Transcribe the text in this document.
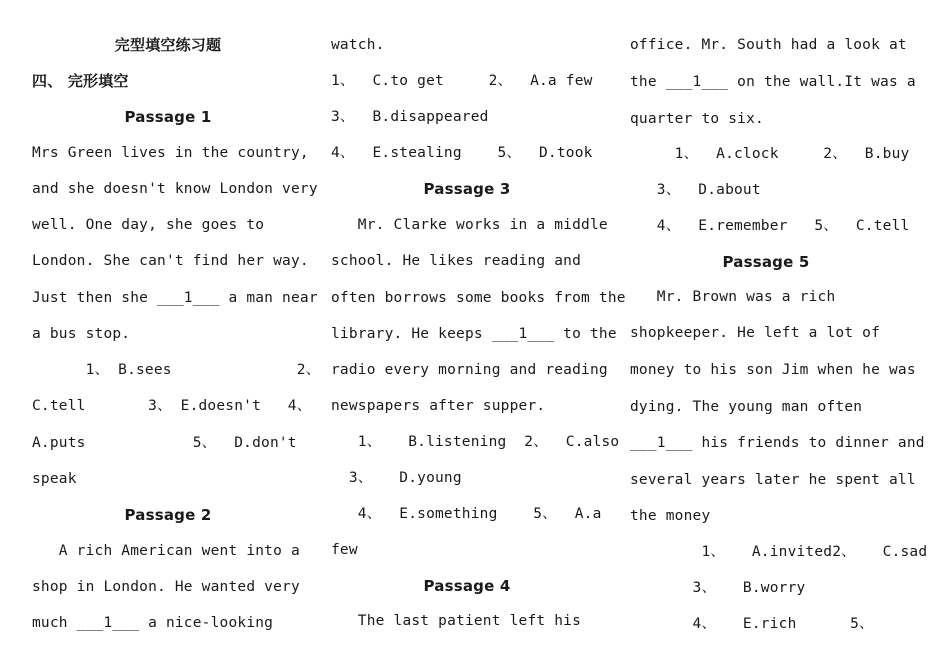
完型填空练习题
四、 完形填空
Passage 1
Mrs Green lives in the country,
and she doesn't know London very
well. One day, she goes to
London. She can't find her way.
Just then she ___1___ a man near
a bus stop.
1、 B.sees              2、
C.tell       3、 E.doesn't   4、
A.puts            5、  D.don't
speak
Passage 2
A rich American went into a
shop in London. He wanted very
much ___1___ a nice-looking
watch.
1、  C.to get     2、  A.a few
3、  B.disappeared
4、  E.stealing    5、  D.took
Passage 3
Mr. Clarke works in a middle
school. He likes reading and
often borrows some books from the
library. He keeps ___1___ to the
radio every morning and reading
newspapers after supper.
1、   B.listening  2、  C.also
3、   D.young
4、  E.something    5、  A.a
few
Passage 4
The last patient left his
office. Mr. South had a look at
the ___1___ on the wall.It was a
quarter to six.
1、  A.clock     2、  B.buy
3、  D.about
4、  E.remember   5、  C.tell
Passage 5
Mr. Brown was a rich
shopkeeper. He left a lot of
money to his son Jim when he was
dying. The young man often
___1___ his friends to dinner and
several years later he spent all
the money
1、   A.invited2、   C.sad
3、   B.worry
4、   E.rich      5、
